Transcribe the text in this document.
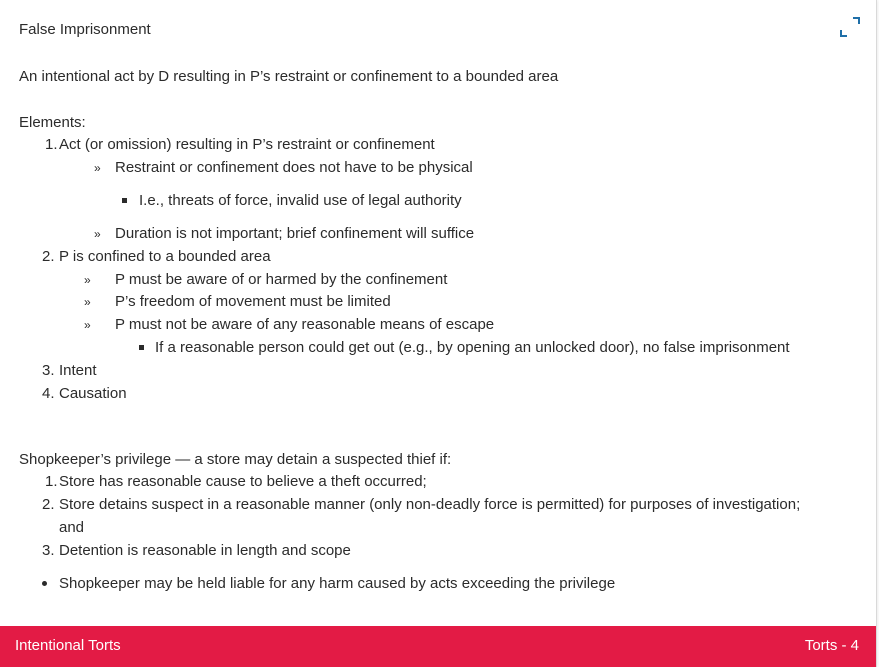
False Imprisonment
An intentional act by D resulting in P’s restraint or confinement to a bounded area
Elements:
1. Act (or omission) resulting in P’s restraint or confinement
» Restraint or confinement does not have to be physical
I.e., threats of force, invalid use of legal authority
» Duration is not important; brief confinement will suffice
2. P is confined to a bounded area
» P must be aware of or harmed by the confinement
» P’s freedom of movement must be limited
» P must not be aware of any reasonable means of escape
If a reasonable person could get out (e.g., by opening an unlocked door), no false imprisonment
3. Intent
4. Causation
Shopkeeper’s privilege — a store may detain a suspected thief if:
1. Store has reasonable cause to believe a theft occurred;
2. Store detains suspect in a reasonable manner (only non-deadly force is permitted) for purposes of investigation;
and
3. Detention is reasonable in length and scope
Shopkeeper may be held liable for any harm caused by acts exceeding the privilege
Intentional Torts	Torts - 4
